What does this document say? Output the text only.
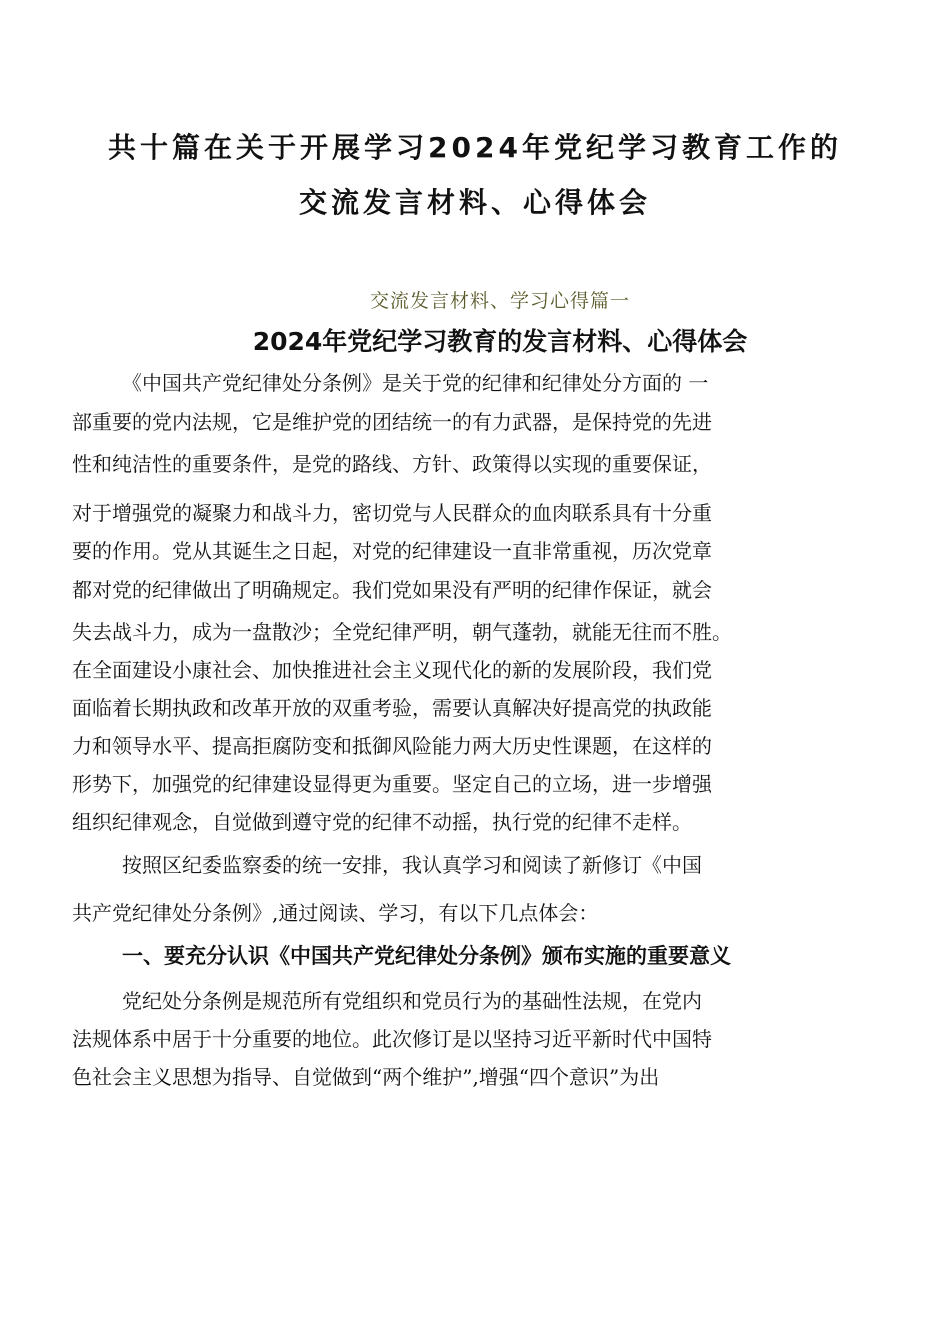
共十篇在关于开展学习2024年党纪学习教育工作的
交流发言材料、心得体会
交流发言材料、学习心得篇一
2024年党纪学习教育的发言材料、心得体会
《中国共产党纪律处分条例》是关于党的纪律和纪律处分方面的 一
部重要的党内法规，它是维护党的团结统一的有力武器，是保持党的先进
性和纯洁性的重要条件，是党的路线、方针、政策得以实现的重要保证，
对于增强党的凝聚力和战斗力，密切党与人民群众的血肉联系具有十分重
要的作用。党从其诞生之日起，对党的纪律建设一直非常重视，历次党章
都对党的纪律做出了明确规定。我们党如果没有严明的纪律作保证，就会
失去战斗力，成为一盘散沙；全党纪律严明，朝气蓬勃，就能无往而不胜。
在全面建设小康社会、加快推进社会主义现代化的新的发展阶段，我们党
面临着长期执政和改革开放的双重考验，需要认真解决好提高党的执政能
力和领导水平、提高拒腐防变和抵御风险能力两大历史性课题，在这样的
形势下，加强党的纪律建设显得更为重要。坚定自己的立场，进一步增强
组织纪律观念，自觉做到遵守党的纪律不动摇，执行党的纪律不走样。
按照区纪委监察委的统一安排，我认真学习和阅读了新修订《中国
共产党纪律处分条例》,通过阅读、学习，有以下几点体会：
一、要充分认识《中国共产党纪律处分条例》颁布实施的重要意义
党纪处分条例是规范所有党组织和党员行为的基础性法规，在党内
法规体系中居于十分重要的地位。此次修订是以坚持习近平新时代中国特
色社会主义思想为指导、自觉做到“两个维护”,增强“四个意识”为出
